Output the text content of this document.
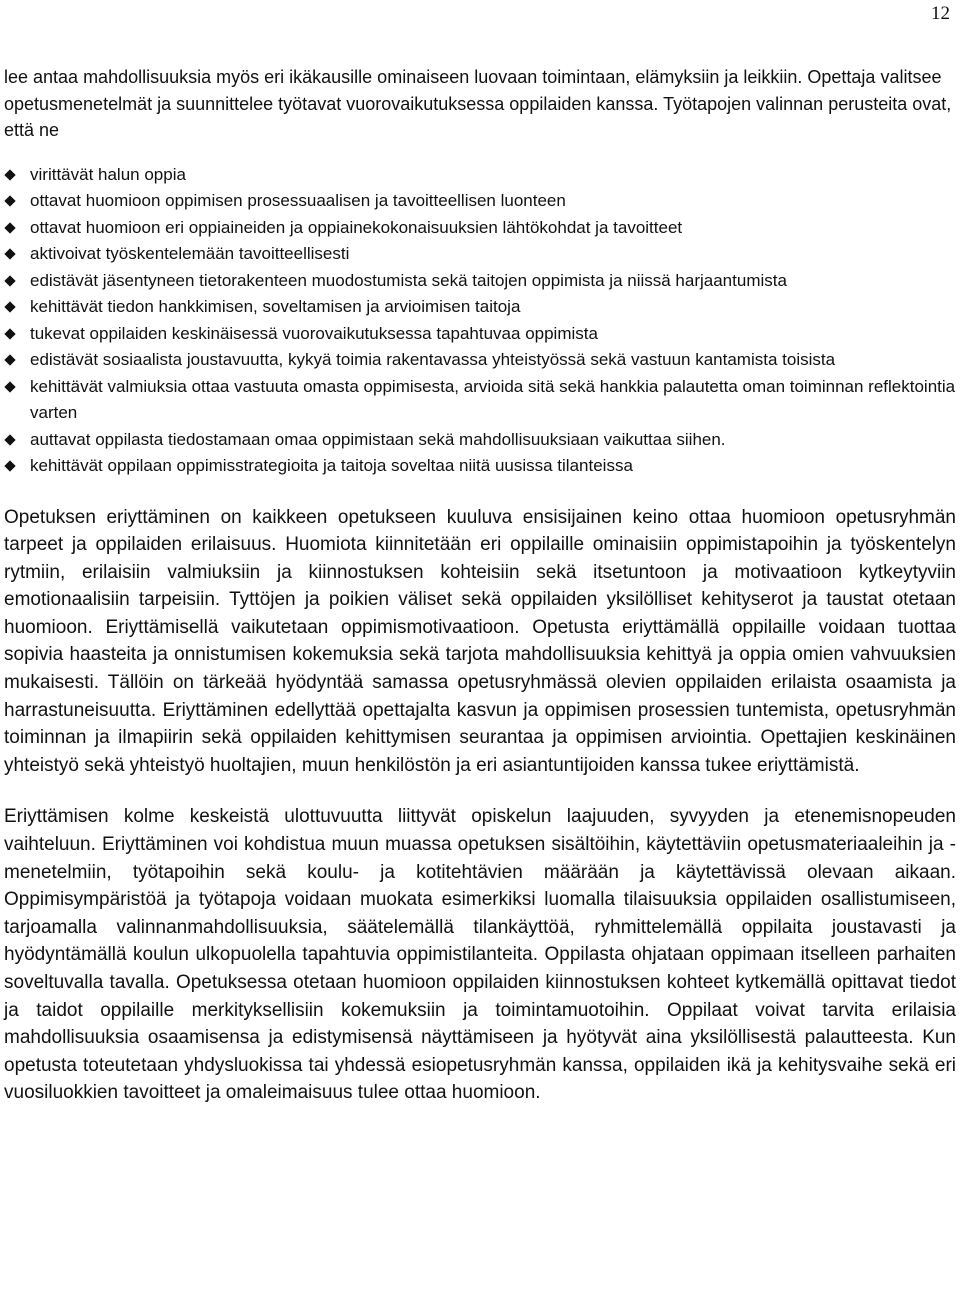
12

lee antaa mahdollisuuksia myös eri ikäkausille ominaiseen luovaan toimintaan, elämyksiin ja leikkiin. Opettaja valitsee opetusmenetelmät ja suunnittelee työtavat vuorovaikutuksessa oppilaiden kanssa. Työtapojen valinnan perusteita ovat, että ne

virittävät halun oppia
ottavat huomioon oppimisen prosessuaalisen ja tavoitteellisen luonteen
ottavat huomioon eri oppiaineiden ja oppiainekokonaisuuksien lähtökohdat ja tavoitteet
aktivoivat työskentelemään tavoitteellisesti
edistävät jäsentyneen tietorakenteen muodostumista sekä taitojen oppimista ja niissä harjaantumista
kehittävät tiedon hankkimisen, soveltamisen ja arvioimisen taitoja
tukevat oppilaiden keskinäisessä vuorovaikutuksessa tapahtuvaa oppimista
edistävät sosiaalista joustavuutta, kykyä toimia rakentavassa yhteistyössä sekä vastuun kantamista toisista
kehittävät valmiuksia ottaa vastuuta omasta oppimisesta, arvioida sitä sekä hankkia palautetta oman toiminnan reflektointia varten
auttavat oppilasta tiedostamaan omaa oppimistaan sekä mahdollisuuksiaan vaikuttaa siihen.
kehittävät oppilaan oppimisstrategioita ja taitoja soveltaa niitä uusissa tilanteissa

Opetuksen eriyttäminen on kaikkeen opetukseen kuuluva ensisijainen keino ottaa huomioon opetusryhmän tarpeet ja oppilaiden erilaisuus. Huomiota kiinnitetään eri oppilaille ominaisiin oppimistapoihin ja työskentelyn rytmiin, erilaisiin valmiuksiin ja kiinnostuksen kohteisiin sekä itsetuntoon ja motivaatioon kytkeytyviin emotionaalisiin tarpeisiin. Tyttöjen ja poikien väliset sekä oppilaiden yksilölliset kehityserot ja taustat otetaan huomioon. Eriyttämisellä vaikutetaan oppimismotivaatioon. Opetusta eriyttämällä oppilaille voidaan tuottaa sopivia haasteita ja onnistumisen kokemuksia sekä tarjota mahdollisuuksia kehittyä ja oppia omien vahvuuksien mukaisesti. Tällöin on tärkeää hyödyntää samassa opetusryhmässä olevien oppilaiden erilaista osaamista ja harrastuneisuutta. Eriyttäminen edellyttää opettajalta kasvun ja oppimisen prosessien tuntemista, opetusryhmän toiminnan ja ilmapiirin sekä oppilaiden kehittymisen seurantaa ja oppimisen arviointia. Opettajien keskinäinen yhteistyö sekä yhteistyö huoltajien, muun henkilöstön ja eri asiantuntijoiden kanssa tukee eriyttämistä.

Eriyttämisen kolme keskeistä ulottuvuutta liittyvät opiskelun laajuuden, syvyyden ja etenemisnopeuden vaihteluun. Eriyttäminen voi kohdistua muun muassa opetuksen sisältöihin, käytettäviin opetusmateriaaleihin ja -menetelmiin, työtapoihin sekä koulu- ja kotitehtävien määrään ja käytettävissä olevaan aikaan. Oppimisympäristöä ja työtapoja voidaan muokata esimerkiksi luomalla tilaisuuksia oppilaiden osallistumiseen, tarjoamalla valinnanmahdollisuuksia, säätelemällä tilankäyttöä, ryhmittelemällä oppilaita joustavasti ja hyödyntämällä koulun ulkopuolella tapahtuvia oppimistilanteita. Oppilasta ohjataan oppimaan itselleen parhaiten soveltuvalla tavalla. Opetuksessa otetaan huomioon oppilaiden kiinnostuksen kohteet kytkemällä opittavat tiedot ja taidot oppilaille merkityksellisiin kokemuksiin ja toimintamuotoihin. Oppilaat voivat tarvita erilaisia mahdollisuuksia osaamisensa ja edistymisensä näyttämiseen ja hyötyvät aina yksilöllisestä palautteesta. Kun opetusta toteutetaan yhdysluokissa tai yhdessä esiopetusryhmän kanssa, oppilaiden ikä ja kehitysvaihe sekä eri vuosiluokkien tavoitteet ja omaleimaisuus tulee ottaa huomioon.
